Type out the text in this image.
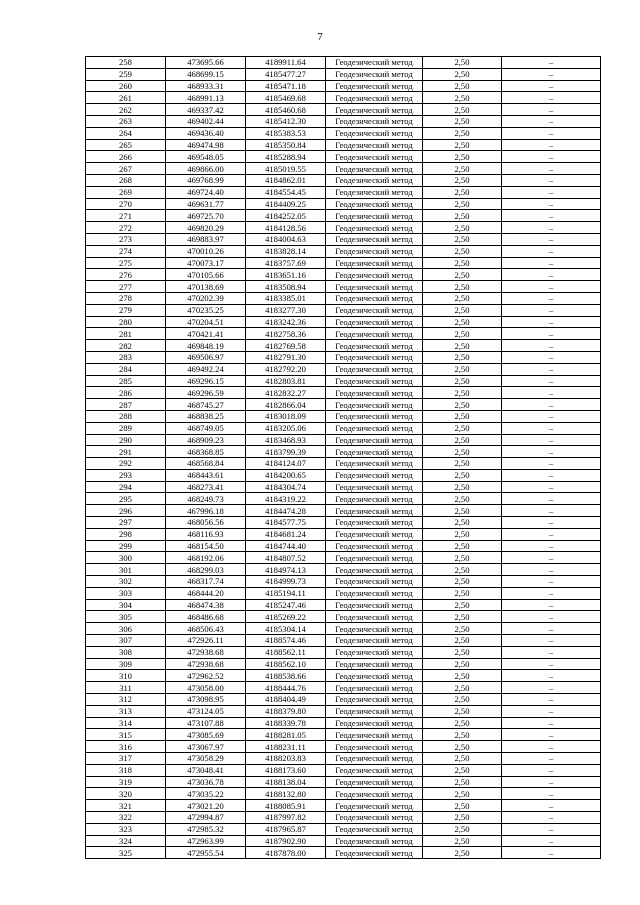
7
258	473695.66	4189911.64	Геодезический метод	2,50	–
259	468699.15	4185477.27	Геодезический метод	2,50	–
260	468933.31	4185471.18	Геодезический метод	2,50	–
261	468991.13	4185469.68	Геодезический метод	2,50	–
262	469337.42	4185460.68	Геодезический метод	2,50	–
263	469402.44	4185412.30	Геодезический метод	2,50	–
264	469436.40	4185383.53	Геодезический метод	2,50	–
265	469474.98	4185350.84	Геодезический метод	2,50	–
266	469548.05	4185288.94	Геодезический метод	2,50	–
267	469866.00	4185019.55	Геодезический метод	2,50	–
268	469768.99	4184862.01	Геодезический метод	2,50	–
269	469724.40	4184554.45	Геодезический метод	2,50	–
270	469631.77	4184409.25	Геодезический метод	2,50	–
271	469725.70	4184252.05	Геодезический метод	2,50	–
272	469820.29	4184128.56	Геодезический метод	2,50	–
273	469883.97	4184004.63	Геодезический метод	2,50	–
274	470010.26	4183828.14	Геодезический метод	2,50	–
275	470073.17	4183757.69	Геодезический метод	2,50	–
276	470105.66	4183651.16	Геодезический метод	2,50	–
277	470138.69	4183508.94	Геодезический метод	2,50	–
278	470202.39	4183385.01	Геодезический метод	2,50	–
279	470235.25	4183277.30	Геодезический метод	2,50	–
280	470204.51	4183242.36	Геодезический метод	2,50	–
281	470421.41	4182758.36	Геодезический метод	2,50	–
282	469848.19	4182769.58	Геодезический метод	2,50	–
283	469506.97	4182791.30	Геодезический метод	2,50	–
284	469492.24	4182792.20	Геодезический метод	2,50	–
285	469296.15	4182803.81	Геодезический метод	2,50	–
286	469296.59	4182832.27	Геодезический метод	2,50	–
287	468745.27	4182866.04	Геодезический метод	2,50	–
288	468838.25	4183018.09	Геодезический метод	2,50	–
289	468749.05	4183205.06	Геодезический метод	2,50	–
290	468909.23	4183468.93	Геодезический метод	2,50	–
291	468368.85	4183799.39	Геодезический метод	2,50	–
292	468568.84	4184124.07	Геодезический метод	2,50	–
293	468443.61	4184200.65	Геодезический метод	2,50	–
294	468273.41	4184304.74	Геодезический метод	2,50	–
295	468249.73	4184319.22	Геодезический метод	2,50	–
296	467996.18	4184474.28	Геодезический метод	2,50	–
297	468056.56	4184577.75	Геодезический метод	2,50	–
298	468116.93	4184681.24	Геодезический метод	2,50	–
299	468154.50	4184744.40	Геодезический метод	2,50	–
300	468192.06	4184807.52	Геодезический метод	2,50	–
301	468299.03	4184974.13	Геодезический метод	2,50	–
302	468317.74	4184999.73	Геодезический метод	2,50	–
303	468444.20	4185194.11	Геодезический метод	2,50	–
304	468474.38	4185247.46	Геодезический метод	2,50	–
305	468486.68	4185269.22	Геодезический метод	2,50	–
306	468506.43	4185304.14	Геодезический метод	2,50	–
307	472926.11	4188574.46	Геодезический метод	2,50	–
308	472938.68	4188562.11	Геодезический метод	2,50	–
309	472938.68	4188562.10	Геодезический метод	2,50	–
310	472962.52	4188538.66	Геодезический метод	2,50	–
311	473058.00	4188444.76	Геодезический метод	2,50	–
312	473098.95	4188404.49	Геодезический метод	2,50	–
313	473124.05	4188379.80	Геодезический метод	2,50	–
314	473107.88	4188339.78	Геодезический метод	2,50	–
315	473085.69	4188281.05	Геодезический метод	2,50	–
316	473067.97	4188231.11	Геодезический метод	2,50	–
317	473058.29	4188203.83	Геодезический метод	2,50	–
318	473048.41	4188173.60	Геодезический метод	2,50	–
319	473036.78	4188138.04	Геодезический метод	2,50	–
320	473035.22	4188132.80	Геодезический метод	2,50	–
321	473021.20	4188085.91	Геодезический метод	2,50	–
322	472994.87	4187997.82	Геодезический метод	2,50	–
323	472985.32	4187965.87	Геодезический метод	2,50	–
324	472963.99	4187902.90	Геодезический метод	2,50	–
325	472955.54	4187878.00	Геодезический метод	2,50	–
